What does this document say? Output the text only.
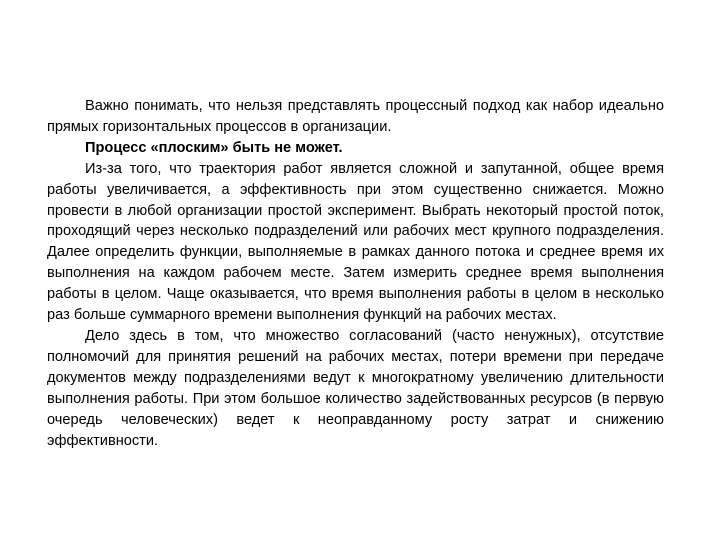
Важно понимать, что нельзя представлять процессный подход как набор идеально прямых горизонтальных процессов в организации.

Процесс «плоским» быть не может.

Из-за того, что траектория работ является сложной и запутанной, общее время работы увеличивается, а эффективность при этом существенно снижается. Можно провести в любой организации простой эксперимент. Выбрать некоторый простой поток, проходящий через несколько подразделений или рабочих мест крупного подразделения. Далее определить функции, выполняемые в рамках данного потока и среднее время их выполнения на каждом рабочем месте. Затем измерить среднее время выполнения работы в целом. Чаще оказывается, что время выполнения работы в целом в несколько раз больше суммарного времени выполнения функций на рабочих местах.

Дело здесь в том, что множество согласований (часто ненужных), отсутствие полномочий для принятия решений на рабочих местах, потери времени при передаче документов между подразделениями ведут к многократному увеличению длительности выполнения работы. При этом большое количество задействованных ресурсов (в первую очередь человеческих) ведет к неоправданному росту затрат и снижению эффективности.
